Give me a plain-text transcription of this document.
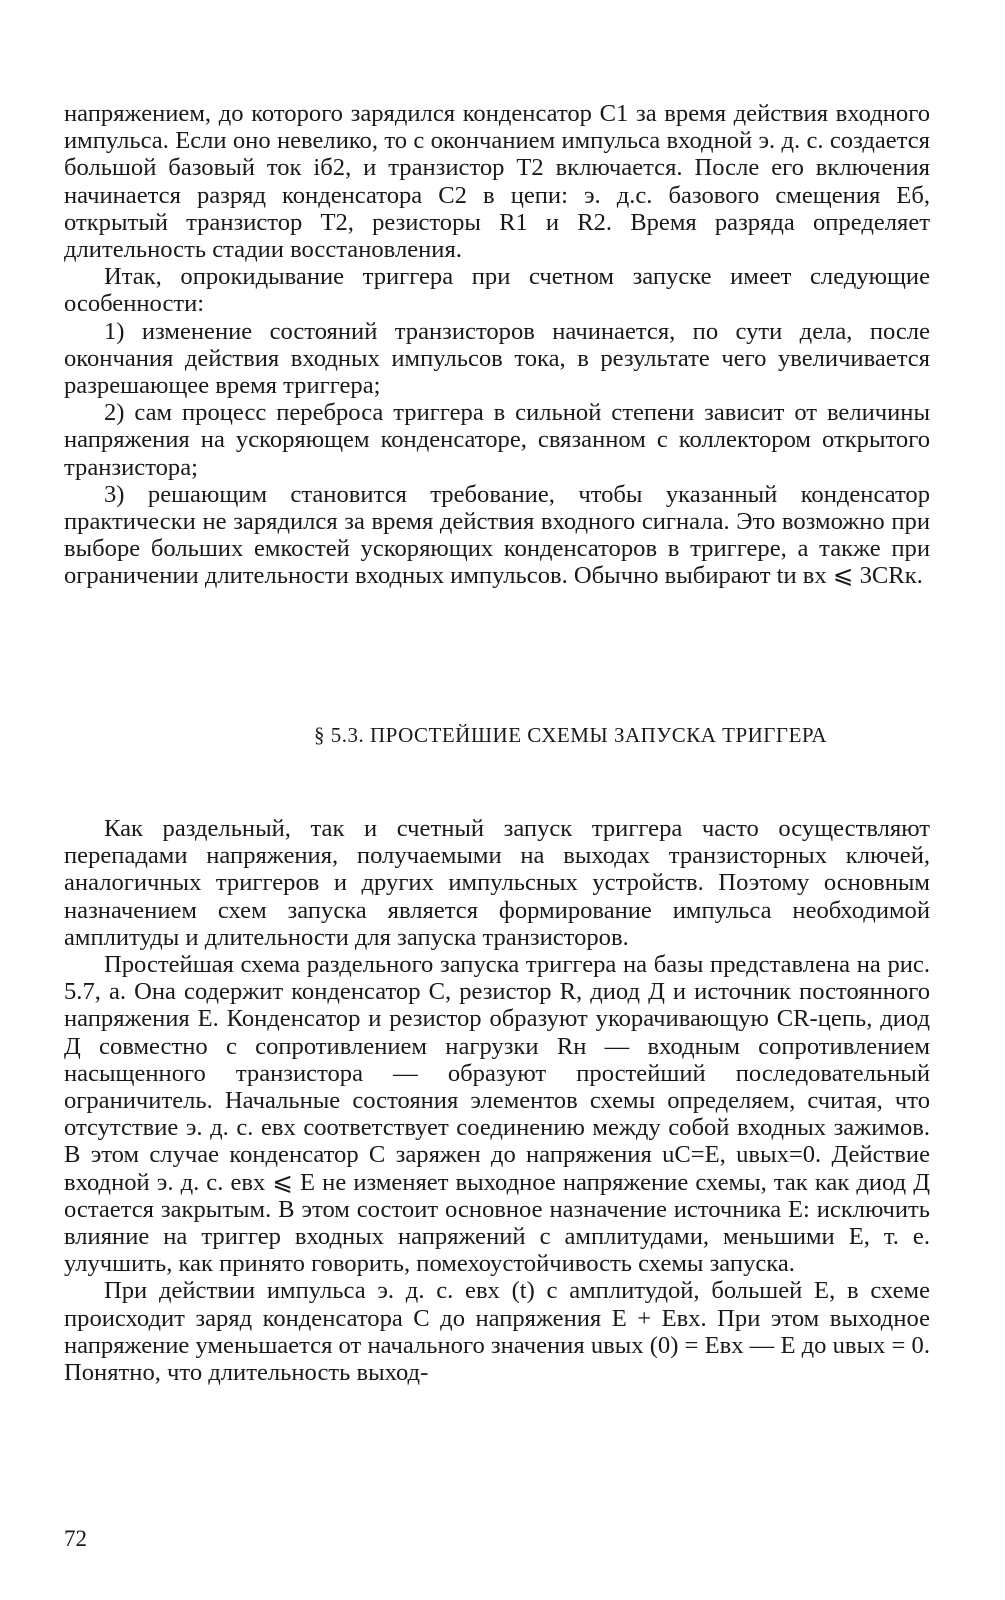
напряжением, до которого зарядился конденсатор C1 за время действия входного импульса. Если оно невелико, то с окончанием импульса входной э. д. с. создается большой базовый ток iб2, и транзистор T2 включается. После его включения начинается разряд конденсатора C2 в цепи: э. д.с. базового смещения Eб, открытый транзистор T2, резисторы R1 и R2. Время разряда определяет длительность стадии восстановления.

Итак, опрокидывание триггера при счетном запуске имеет следующие особенности:

1) изменение состояний транзисторов начинается, по сути дела, после окончания действия входных импульсов тока, в результате чего увеличивается разрешающее время триггера;

2) сам процесс переброса триггера в сильной степени зависит от величины напряжения на ускоряющем конденсаторе, связанном с коллектором открытого транзистора;

3) решающим становится требование, чтобы указанный конденсатор практически не зарядился за время действия входного сигнала. Это возможно при выборе больших емкостей ускоряющих конденсаторов в триггере, а также при ограничении длительности входных импульсов. Обычно выбирают tи вх ⩽ 3CRк.

§ 5.3. ПРОСТЕЙШИЕ СХЕМЫ ЗАПУСКА ТРИГГЕРА

Как раздельный, так и счетный запуск триггера часто осуществляют перепадами напряжения, получаемыми на выходах транзисторных ключей, аналогичных триггеров и других импульсных устройств. Поэтому основным назначением схем запуска является формирование импульса необходимой амплитуды и длительности для запуска транзисторов.

Простейшая схема раздельного запуска триггера на базы представлена на рис. 5.7, а. Она содержит конденсатор C, резистор R, диод Д и источник постоянного напряжения E. Конденсатор и резистор образуют укорачивающую CR-цепь, диод Д совместно с сопротивлением нагрузки Rн — входным сопротивлением насыщенного транзистора — образуют простейший последовательный ограничитель. Начальные состояния элементов схемы определяем, считая, что отсутствие э. д. с. eвх соответствует соединению между собой входных зажимов. В этом случае конденсатор C заряжен до напряжения uC=E, uвых=0. Действие входной э. д. с. eвх ⩽ E не изменяет выходное напряжение схемы, так как диод Д остается закрытым. В этом состоит основное назначение источника E: исключить влияние на триггер входных напряжений с амплитудами, меньшими E, т. е. улучшить, как принято говорить, помехоустойчивость схемы запуска.

При действии импульса э. д. с. eвх (t) с амплитудой, большей E, в схеме происходит заряд конденсатора C до напряжения E + Eвх. При этом выходное напряжение уменьшается от начального значения uвых (0) = Eвх — E до uвых = 0. Понятно, что длительность выход-

72
